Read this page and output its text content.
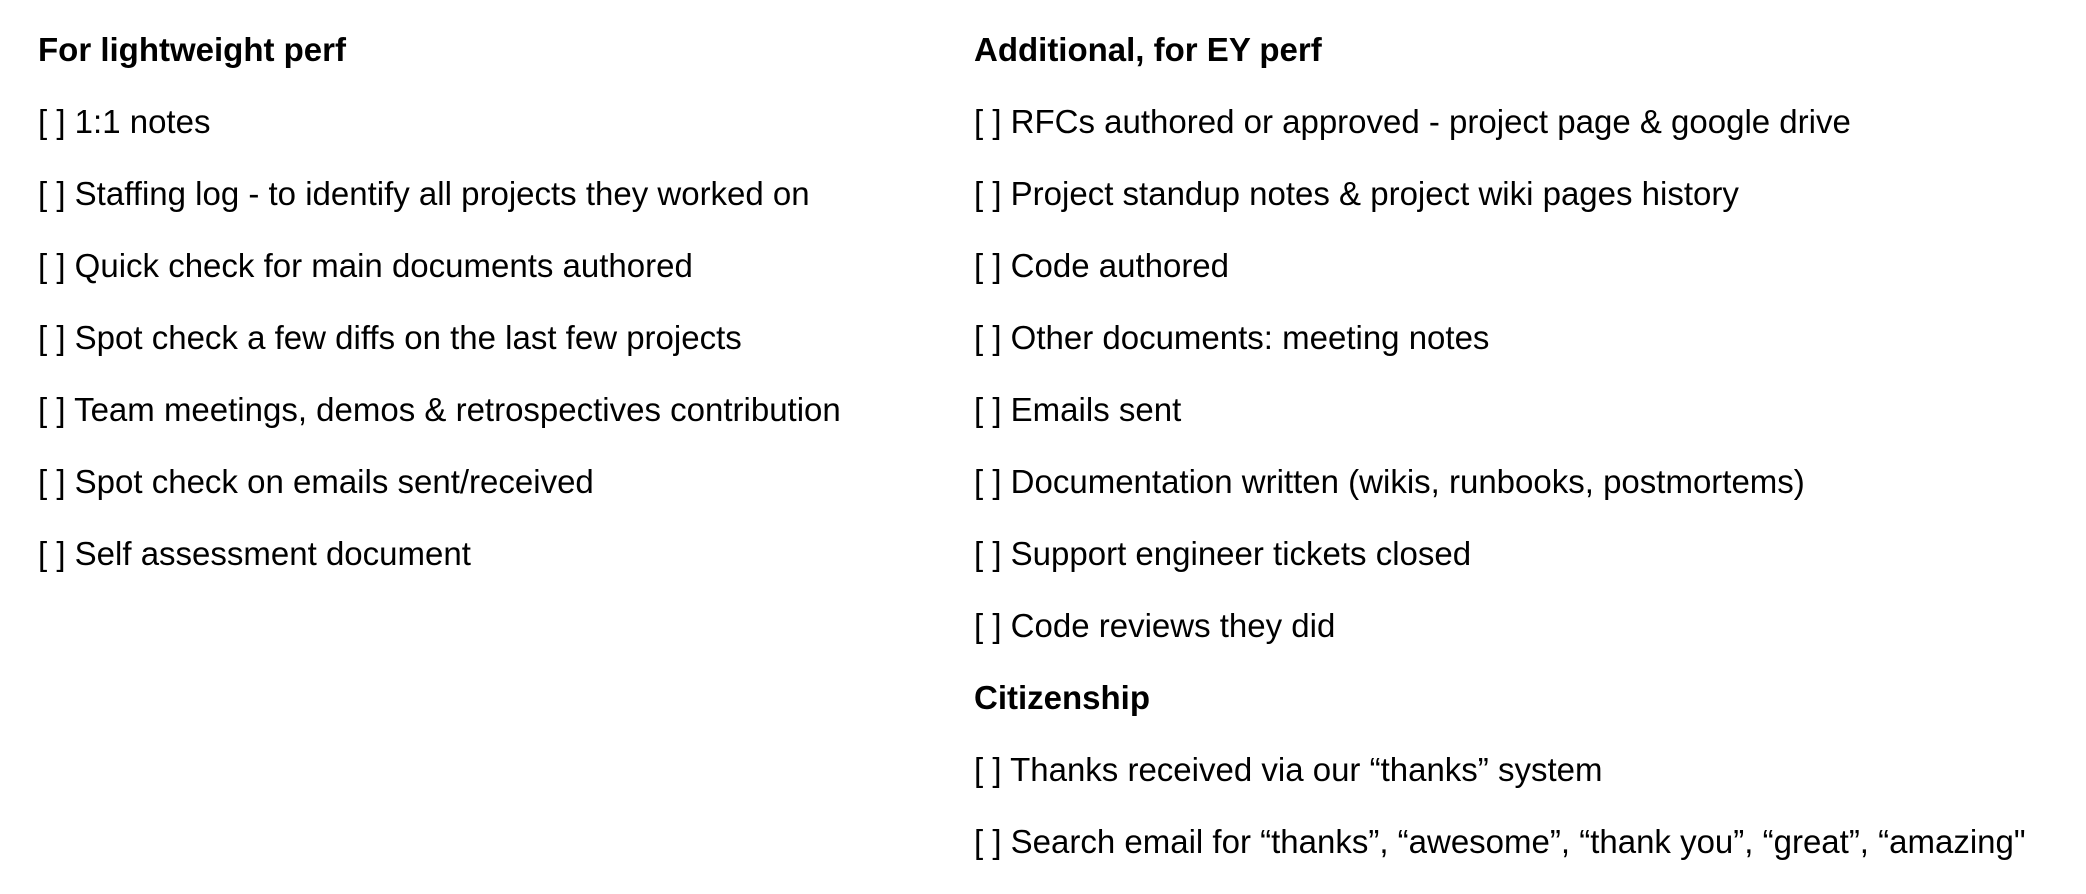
For lightweight perf
[ ] 1:1 notes
[ ] Staffing log - to identify all projects they worked on
[ ] Quick check for main documents authored
[ ] Spot check a few diffs on the last few projects
[ ] Team meetings, demos & retrospectives contribution
[ ] Spot check on emails sent/received
[ ] Self assessment document
Additional, for EY perf
[ ] RFCs authored or approved - project page & google drive
[ ] Project standup notes & project wiki pages history
[ ] Code authored
[ ] Other documents: meeting notes
[ ] Emails sent
[ ] Documentation written (wikis, runbooks, postmortems)
[ ] Support engineer tickets closed
[ ] Code reviews they did
Citizenship
[ ] Thanks received via our “thanks” system
[ ] Search email for “thanks”, “awesome”, “thank you”, “great”, “amazing"
